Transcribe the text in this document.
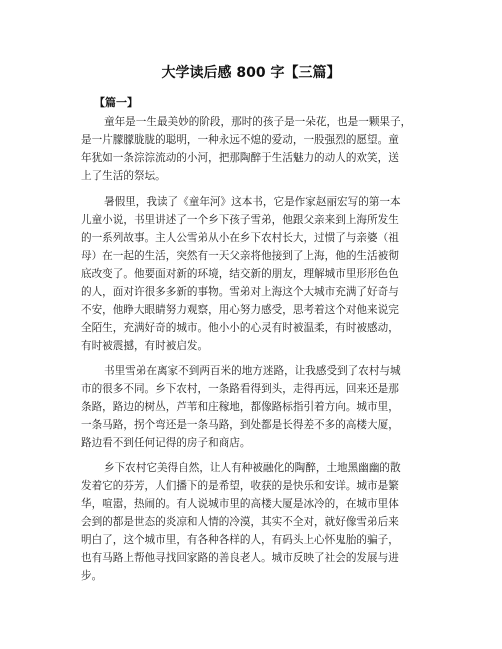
大学读后感 800 字【三篇】
【篇一】
童年是一生最美妙的阶段，那时的孩子是一朵花，也是一颗果子，
是一片朦朦胧胧的聪明，一种永远不熄的爱动，一股强烈的愿望。童
年犹如一条淙淙流动的小河，把那陶醉于生活魅力的动人的欢笑，送
上了生活的祭坛。
暑假里，我读了《童年河》这本书，它是作家赵丽宏写的第一本
儿童小说，书里讲述了一个乡下孩子雪弟，他跟父亲来到上海所发生
的一系列故事。主人公雪弟从小在乡下农村长大，过惯了与亲婆（祖
母）在一起的生活，突然有一天父亲将他接到了上海，他的生活被彻
底改变了。他要面对新的环境，结交新的朋友，理解城市里形形色色
的人，面对许很多多新的事物。雪弟对上海这个大城市充满了好奇与
不安，他睁大眼睛努力观察，用心努力感受，思考着这个对他来说完
全陌生，充满好奇的城市。他小小的心灵有时被温柔，有时被感动，
有时被震撼，有时被启发。
书里雪弟在离家不到两百米的地方迷路，让我感受到了农村与城
市的很多不同。乡下农村，一条路看得到头，走得再远，回来还是那
条路，路边的树丛，芦苇和庄稼地，都像路标指引着方向。城市里，
一条马路，拐个弯还是一条马路，到处都是长得差不多的高楼大厦，
路边看不到任何记得的房子和商店。
乡下农村它美得自然，让人有种被融化的陶醉，土地黑幽幽的散
发着它的芬芳，人们播下的是希望，收获的是快乐和安详。城市是繁
华，喧嚣，热闹的。有人说城市里的高楼大厦是冰冷的，在城市里体
会到的都是世态的炎凉和人情的冷漠，其实不全对，就好像雪弟后来
明白了，这个城市里，有各种各样的人，有码头上心怀鬼胎的骗子，
也有马路上帮他寻找回家路的善良老人。城市反映了社会的发展与进
步。
